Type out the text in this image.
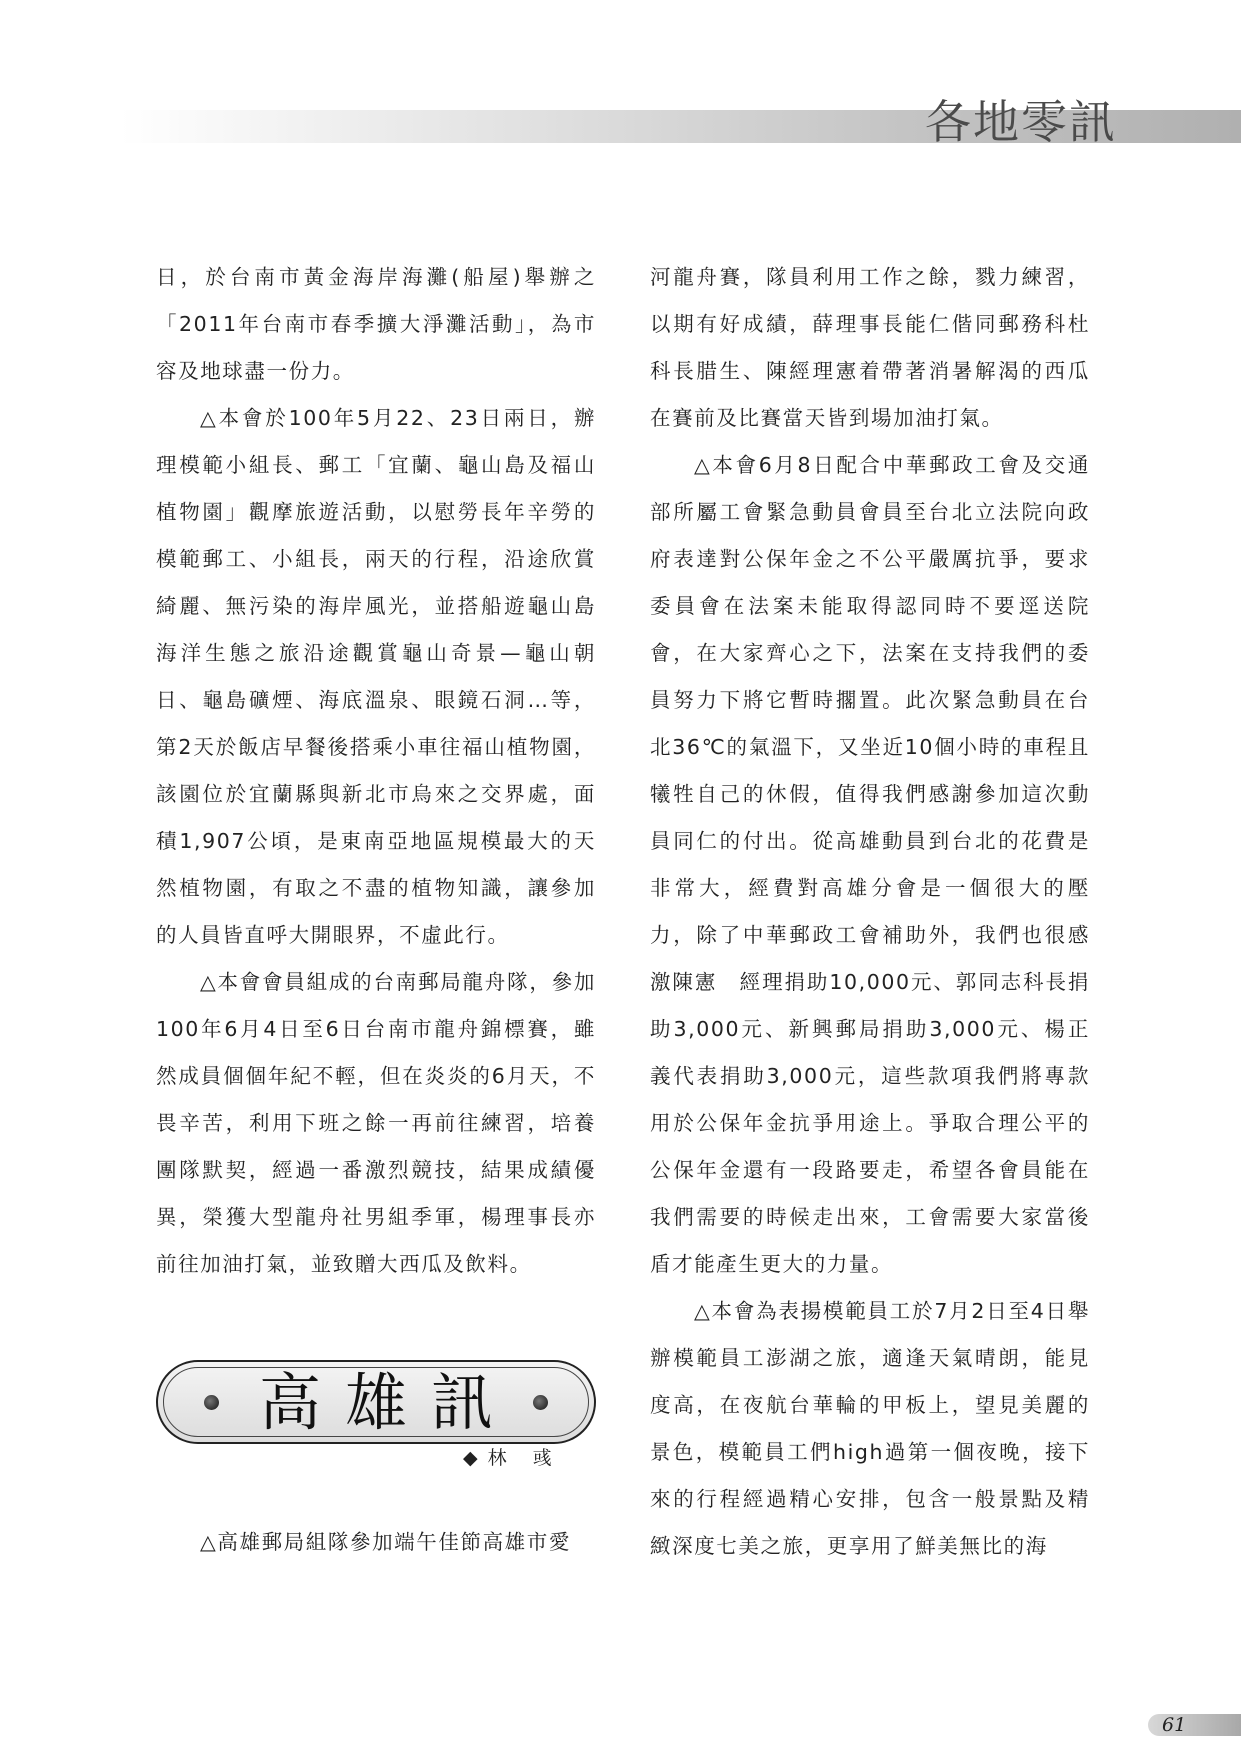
各地零訊

日，於台南市黃金海岸海灘(船屋)舉辦之「2011年台南市春季擴大淨灘活動」，為市容及地球盡一份力。

△本會於100年5月22、23日兩日，辦理模範小組長、郵工「宜蘭、龜山島及福山植物園」觀摩旅遊活動，以慰勞長年辛勞的模範郵工、小組長，兩天的行程，沿途欣賞綺麗、無污染的海岸風光，並搭船遊龜山島海洋生態之旅沿途觀賞龜山奇景—龜山朝日、龜島礦煙、海底溫泉、眼鏡石洞…等，第2天於飯店早餐後搭乘小車往福山植物園，該園位於宜蘭縣與新北市烏來之交界處，面積1,907公頃，是東南亞地區規模最大的天然植物園，有取之不盡的植物知識，讓參加的人員皆直呼大開眼界，不虛此行。

△本會會員組成的台南郵局龍舟隊，參加100年6月4日至6日台南市龍舟錦標賽，雖然成員個個年紀不輕，但在炎炎的6月天，不畏辛苦，利用下班之餘一再前往練習，培養團隊默契，經過一番激烈競技，結果成績優異，榮獲大型龍舟社男組季軍，楊理事長亦前往加油打氣，並致贈大西瓜及飲料。

高雄訊

◆林 彧

△高雄郵局組隊參加端午佳節高雄市愛

河龍舟賽，隊員利用工作之餘，戮力練習，以期有好成績，薛理事長能仁偕同郵務科杜科長腊生、陳經理憲着帶著消暑解渴的西瓜在賽前及比賽當天皆到場加油打氣。

△本會6月8日配合中華郵政工會及交通部所屬工會緊急動員會員至台北立法院向政府表達對公保年金之不公平嚴厲抗爭，要求委員會在法案未能取得認同時不要逕送院會，在大家齊心之下，法案在支持我們的委員努力下將它暫時擱置。此次緊急動員在台北36℃的氣溫下，又坐近10個小時的車程且犧牲自己的休假，值得我們感謝參加這次動員同仁的付出。從高雄動員到台北的花費是非常大，經費對高雄分會是一個很大的壓力，除了中華郵政工會補助外，我們也很感激陳憲　經理捐助10,000元、郭同志科長捐助3,000元、新興郵局捐助3,000元、楊正義代表捐助3,000元，這些款項我們將專款用於公保年金抗爭用途上。爭取合理公平的公保年金還有一段路要走，希望各會員能在我們需要的時候走出來，工會需要大家當後盾才能產生更大的力量。

△本會為表揚模範員工於7月2日至4日舉辦模範員工澎湖之旅，適逢天氣晴朗，能見度高，在夜航台華輪的甲板上，望見美麗的景色，模範員工們high過第一個夜晚，接下來的行程經過精心安排，包含一般景點及精緻深度七美之旅，更享用了鮮美無比的海

61
